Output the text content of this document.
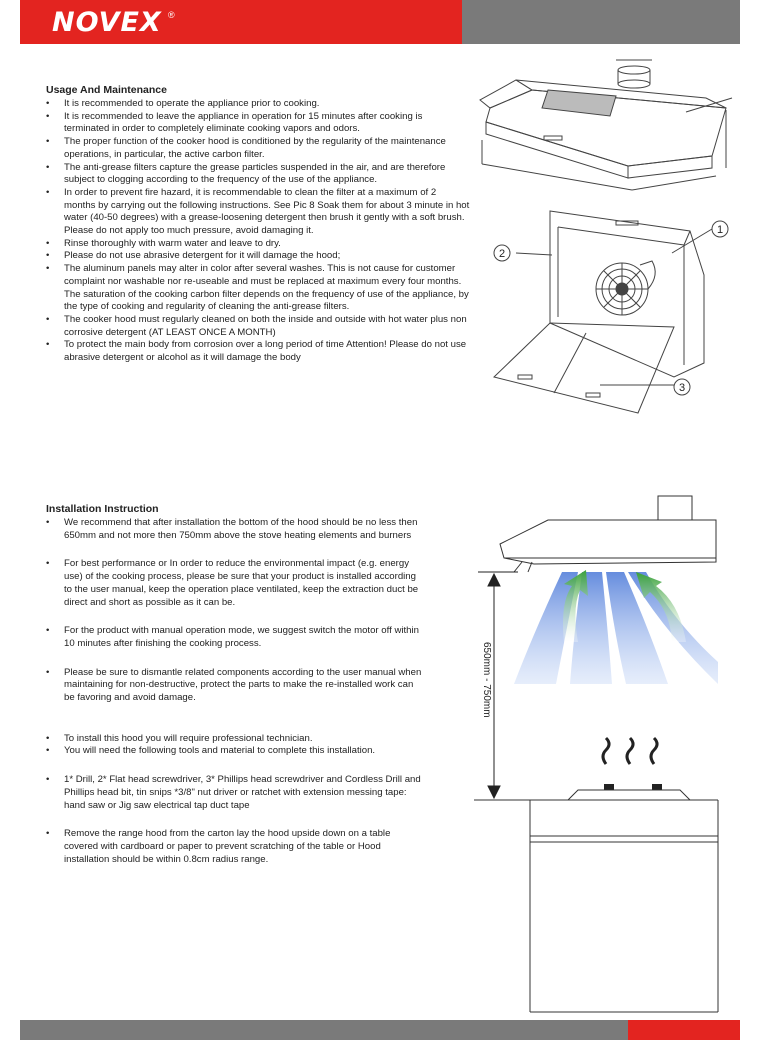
NOVEX ®
Usage And Maintenance
• It is recommended to operate the appliance prior to cooking.
• It is recommended to leave the appliance in operation for 15 minutes after cooking is terminated in order to completely eliminate cooking vapors and odors.
• The proper function of the cooker hood is conditioned by the regularity of the maintenance operations, in particular, the active carbon filter.
• The anti-grease filters capture the grease particles suspended in the air, and are therefore subject to clogging according to the frequency of the use of the appliance.
• In order to prevent fire hazard, it is recommendable to clean the filter at a maximum of 2 months by carrying out the following instructions. See Pic 8 Soak them for about 3 minute in hot water (40-50 degrees) with a grease-loosening detergent then brush it gently with a soft brush. Please do not apply too much pressure, avoid damaging it.
• Rinse thoroughly with warm water and leave to dry.
• Please do not use abrasive detergent for it will damage the hood;
• The aluminum panels may alter in color after several washes. This is not cause for customer complaint nor washable nor re-useable and must be replaced at maximum every four months. The saturation of the cooking carbon filter depends on the frequency of use of the appliance, by the type of cooking and regularity of cleaning the anti-grease filters.
• The cooker hood must regularly cleaned on both the inside and outside with hot water plus non corrosive detergent (AT LEAST ONCE A MONTH)
• To protect the main body from corrosion over a long period of time Attention! Please do not use abrasive detergent or alcohol as it will damage the body
1
2
3
Installation Instruction
• We recommend that after installation the bottom of the hood should be no less then 650mm and not more then 750mm above the stove heating elements and burners
• For best performance or In order to reduce the environmental impact (e.g. energy use) of the cooking process, please be sure that your product is installed according to the user manual, keep the operation place ventilated, keep the extraction duct be direct and short as possible as it can be.
• For the product with manual operation mode, we suggest switch the motor off within 10 minutes after finishing the cooking process.
• Please be sure to dismantle related components according to the user manual when maintaining for non-destructive, protect the parts to make the re-installed work can be favoring and avoid damage.
• To install this hood you will require professional technician.
• You will need the following tools and material to complete this installation.
• 1* Drill, 2* Flat head screwdriver, 3* Phillips head screwdriver and Cordless Drill and Phillips head bit, tin snips *3/8" nut driver or ratchet with extension messing tape: hand saw or Jig saw electrical tap duct tape
• Remove the range hood from the carton lay the hood upside down on a table covered with cardboard or paper to prevent scratching of the table or Hood installation should be within 0.8cm radius range.
650mm - 750mm
